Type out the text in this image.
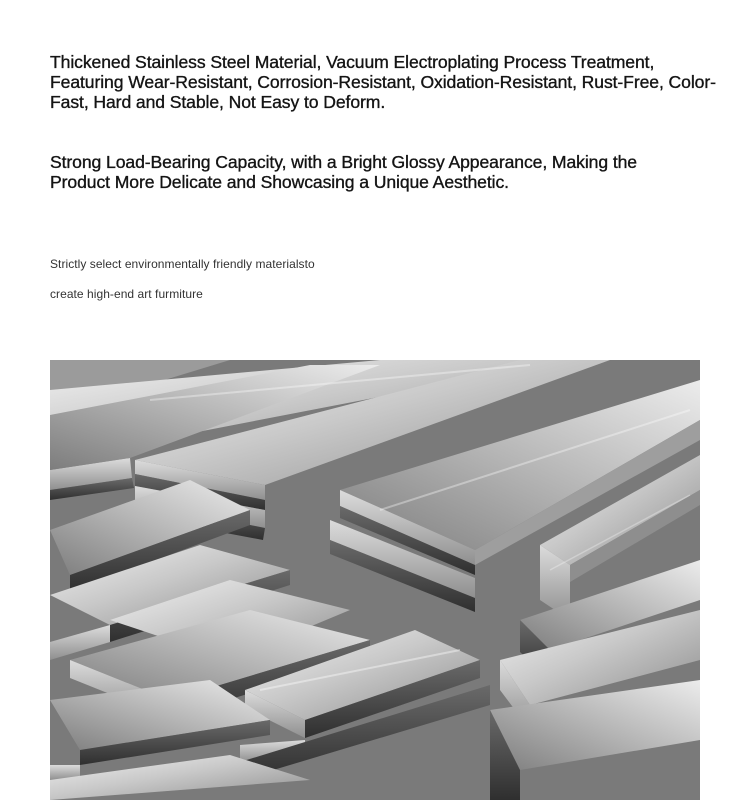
Thickened Stainless Steel Material, Vacuum Electroplating Process Treatment, Featuring Wear-Resistant, Corrosion-Resistant, Oxidation-Resistant, Rust-Free, Color-Fast, Hard and Stable, Not Easy to Deform.
Strong Load-Bearing Capacity, with a Bright Glossy Appearance, Making the Product More Delicate and Showcasing a Unique Aesthetic.

Strictly select environmentally friendly materialsto

create high-end art furmiture
